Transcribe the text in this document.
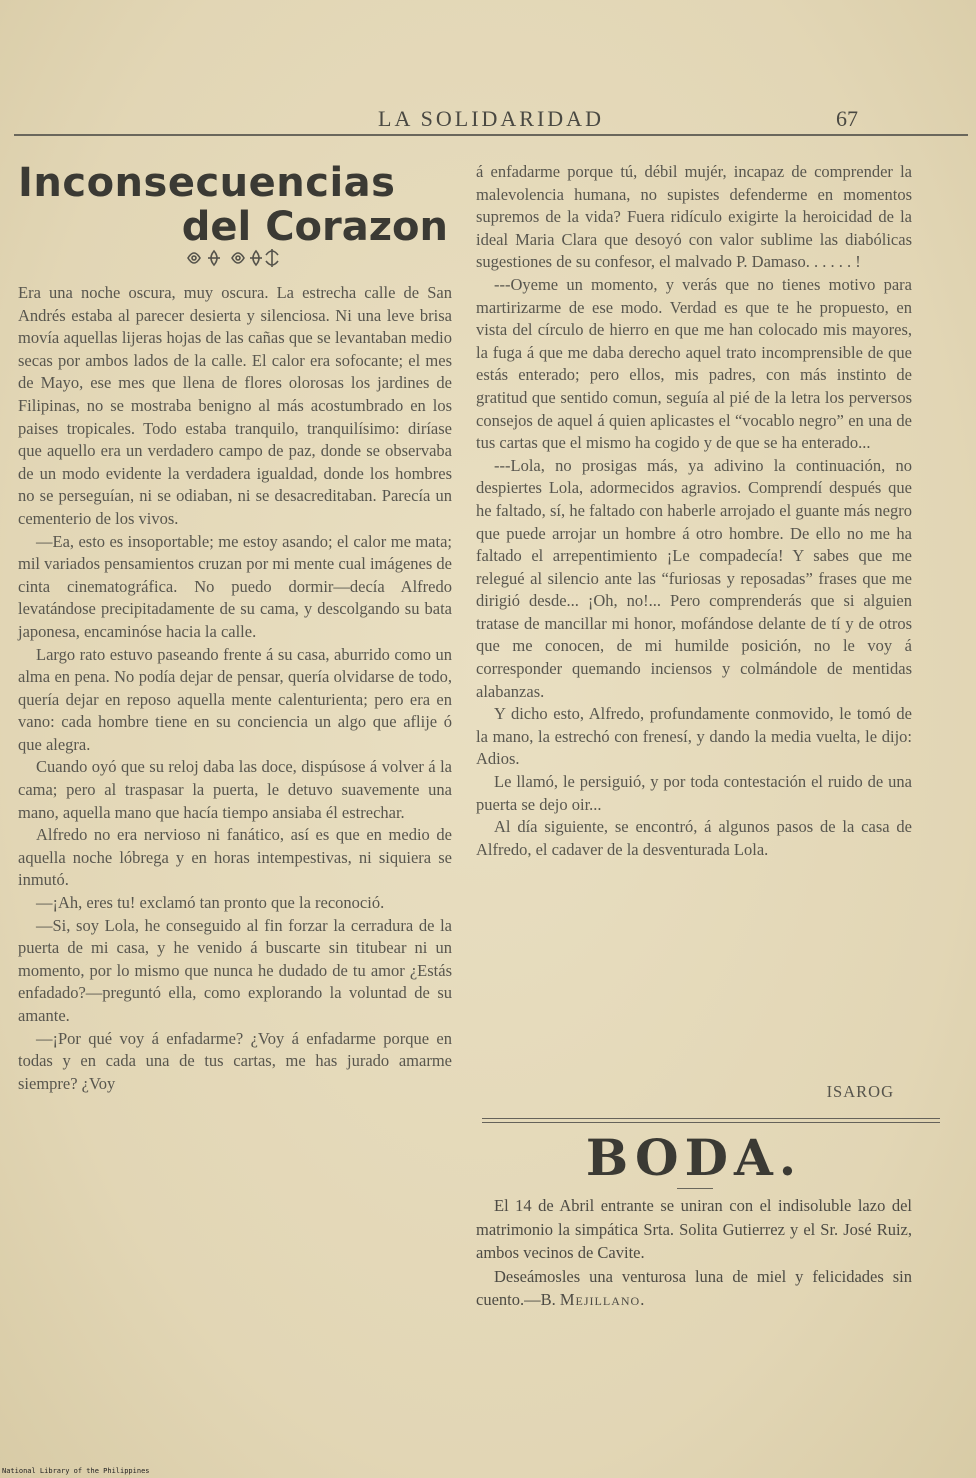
LA SOLIDARIDAD	67
Inconsecuencias
del Corazon

Era una noche oscura, muy oscura. La estrecha calle de San Andrés estaba al parecer desierta y silenciosa. Ni una leve brisa movía aquellas lijeras hojas de las cañas que se levantaban medio secas por ambos lados de la calle. El calor era sofocante; el mes de Mayo, ese mes que llena de flores olorosas los jardines de Filipinas, no se mostraba benigno al más acostumbrado en los paises tropicales. Todo estaba tranquilo, tranquilísimo: diríase que aquello era un verdadero campo de paz, donde se observaba de un modo evidente la verdadera igualdad, donde los hombres no se perseguían, ni se odiaban, ni se desacreditaban. Parecía un cementerio de los vivos.

—Ea, esto es insoportable; me estoy asando; el calor me mata; mil variados pensamientos cruzan por mi mente cual imágenes de cinta cinematográfica. No puedo dormir—decía Alfredo levatándose precipitadamente de su cama, y descolgando su bata japonesa, encaminóse hacia la calle.

Largo rato estuvo paseando frente á su casa, aburrido como un alma en pena. No podía dejar de pensar, quería olvidarse de todo, quería dejar en reposo aquella mente calenturienta; pero era en vano: cada hombre tiene en su conciencia un algo que aflije ó que alegra.

Cuando oyó que su reloj daba las doce, dispúsose á volver á la cama; pero al traspasar la puerta, le detuvo suavemente una mano, aquella mano que hacía tiempo ansiaba él estrechar.

Alfredo no era nervioso ni fanático, así es que en medio de aquella noche lóbrega y en horas intempestivas, ni siquiera se inmutó.

—¡Ah, eres tu! exclamó tan pronto que la reconoció.

—Si, soy Lola, he conseguido al fin forzar la cerradura de la puerta de mi casa, y he venido á buscarte sin titubear ni un momento, por lo mismo que nunca he dudado de tu amor ¿Estás enfadado?—preguntó ella, como explorando la voluntad de su amante.

—¡Por qué voy á enfadarme? ¿Voy á enfadarme porque en todas y en cada una de tus cartas, me has jurado amarme siempre? ¿Voy

á enfadarme porque tú, débil mujér, incapaz de comprender la malevolencia humana, no supistes defenderme en momentos supremos de la vida? Fuera ridículo exigirte la heroicidad de la ideal Maria Clara que desoyó con valor sublime las diabólicas sugestiones de su confesor, el malvado P. Damaso. . . . . . !

---Oyeme un momento, y verás que no tienes motivo para martirizarme de ese modo. Verdad es que te he propuesto, en vista del círculo de hierro en que me han colocado mis mayores, la fuga á que me daba derecho aquel trato incomprensible de que estás enterado; pero ellos, mis padres, con más instinto de gratitud que sentido comun, seguía al pié de la letra los perversos consejos de aquel á quien aplicastes el “vocablo negro” en una de tus cartas que el mismo ha cogido y de que se ha enterado...

---Lola, no prosigas más, ya adivino la continuación, no despiertes Lola, adormecidos agravios. Comprendí después que he faltado, sí, he faltado con haberle arrojado el guante más negro que puede arrojar un hombre á otro hombre. De ello no me ha faltado el arrepentimiento ¡Le compadecía! Y sabes que me relegué al silencio ante las “furiosas y reposadas” frases que me dirigió desde... ¡Oh, no!... Pero comprenderás que si alguien tratase de mancillar mi honor, mofándose delante de tí y de otros que me conocen, de mi humilde posición, no le voy á corresponder quemando inciensos y colmándole de mentidas alabanzas.

Y dicho esto, Alfredo, profundamente conmovido, le tomó de la mano, la estrechó con frenesí, y dando la media vuelta, le dijo: Adios.

Le llamó, le persiguió, y por toda contestación el ruido de una puerta se dejo oir...

Al día siguiente, se encontró, á algunos pasos de la casa de Alfredo, el cadaver de la desventurada Lola.

ISAROG
BODA.

El 14 de Abril entrante se uniran con el indisoluble lazo del matrimonio la simpática Srta. Solita Gutierrez y el Sr. José Ruiz, ambos vecinos de Cavite.

Deseámosles una venturosa luna de miel y felicidades sin cuento.—B. Mejillano.

National Library of the Philippines
